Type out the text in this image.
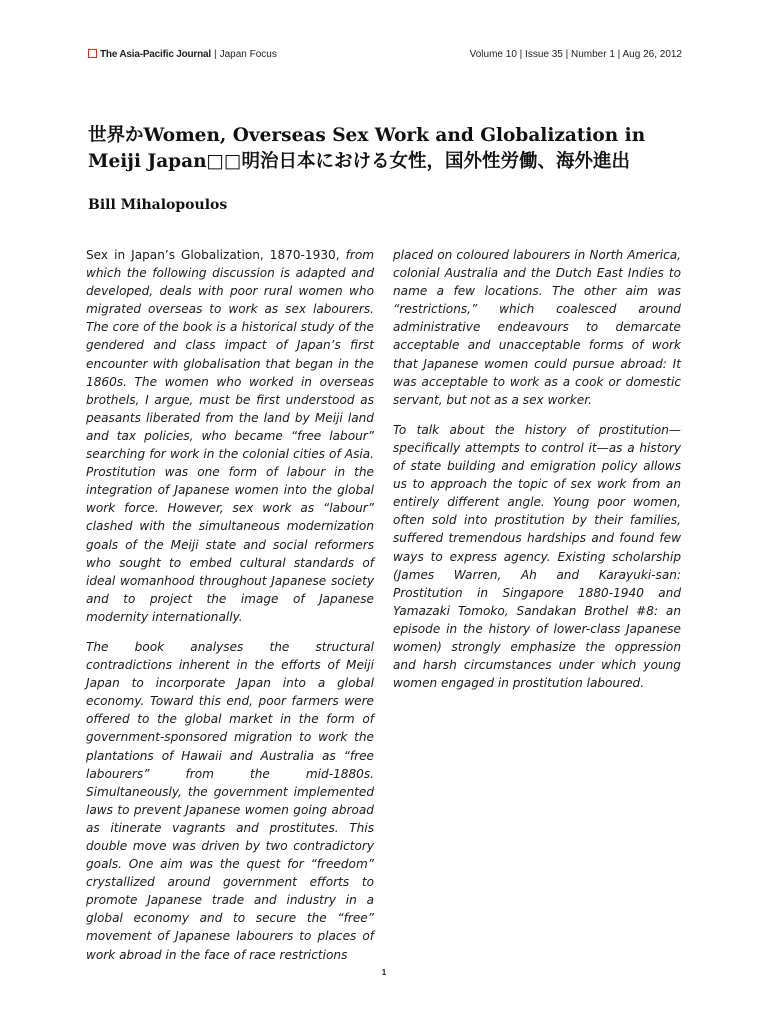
The Asia-Pacific Journal | Japan Focus	Volume 10 | Issue 35 | Number 1 | Aug 26, 2012
世界かWomen, Overseas Sex Work and Globalization in Meiji Japan□□明治日本における女性，国外性労働、海外進出
Bill Mihalopoulos

Sex in Japan’s Globalization, 1870-1930, from which the following discussion is adapted and developed, deals with poor rural women who migrated overseas to work as sex labourers. The core of the book is a historical study of the gendered and class impact of Japan’s first encounter with globalisation that began in the 1860s. The women who worked in overseas brothels, I argue, must be first understood as peasants liberated from the land by Meiji land and tax policies, who became “free labour” searching for work in the colonial cities of Asia. Prostitution was one form of labour in the integration of Japanese women into the global work force. However, sex work as “labour” clashed with the simultaneous modernization goals of the Meiji state and social reformers who sought to embed cultural standards of ideal womanhood throughout Japanese society and to project the image of Japanese modernity internationally.

The book analyses the structural contradictions inherent in the efforts of Meiji Japan to incorporate Japan into a global economy. Toward this end, poor farmers were offered to the global market in the form of government-sponsored migration to work the plantations of Hawaii and Australia as “free labourers” from the mid-1880s. Simultaneously, the government implemented laws to prevent Japanese women going abroad as itinerate vagrants and prostitutes. This double move was driven by two contradictory goals. One aim was the quest for “freedom” crystallized around government efforts to promote Japanese trade and industry in a global economy and to secure the “free” movement of Japanese labourers to places of work abroad in the face of race restrictions

placed on coloured labourers in North America, colonial Australia and the Dutch East Indies to name a few locations. The other aim was “restrictions,” which coalesced around administrative endeavours to demarcate acceptable and unacceptable forms of work that Japanese women could pursue abroad: It was acceptable to work as a cook or domestic servant, but not as a sex worker.

To talk about the history of prostitution—specifically attempts to control it—as a history of state building and emigration policy allows us to approach the topic of sex work from an entirely different angle. Young poor women, often sold into prostitution by their families, suffered tremendous hardships and found few ways to express agency. Existing scholarship (James Warren, Ah and Karayuki-san: Prostitution in Singapore 1880-1940 and Yamazaki Tomoko, Sandakan Brothel #8: an episode in the history of lower-class Japanese women) strongly emphasize the oppression and harsh circumstances under which young women engaged in prostitution laboured.

1
